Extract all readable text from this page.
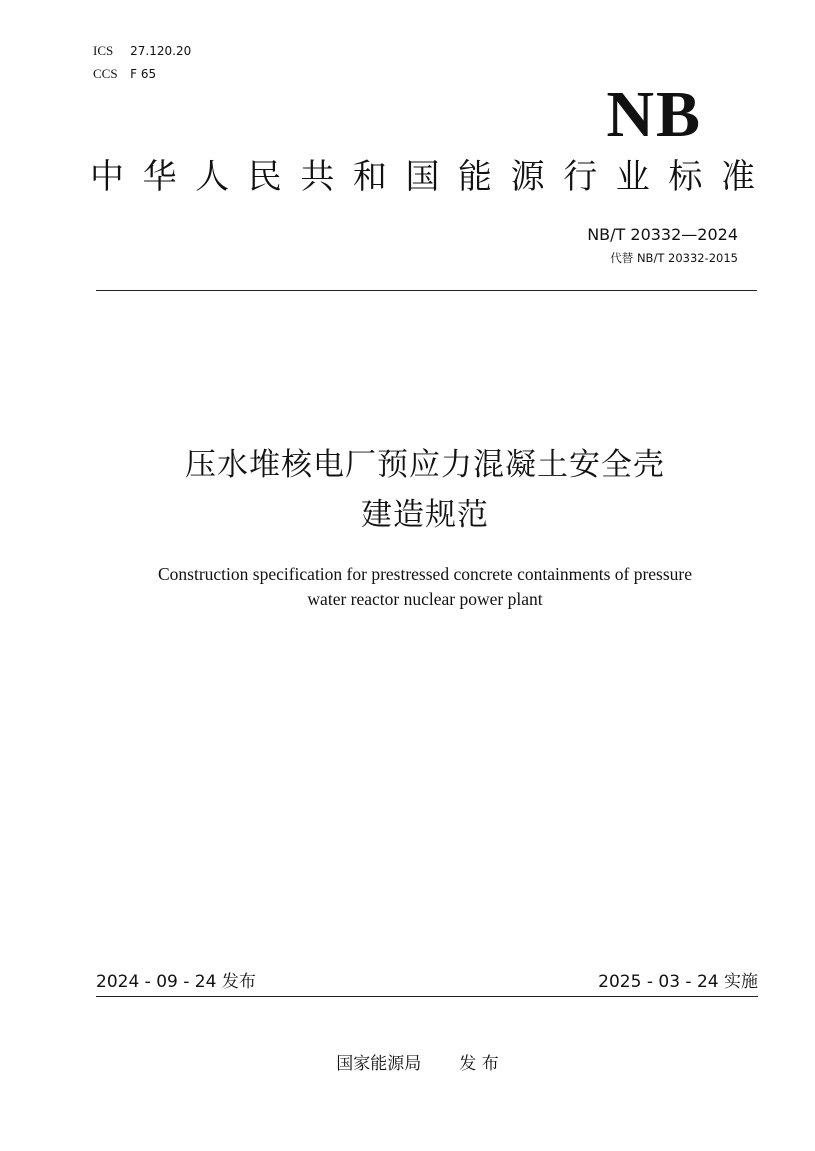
ICS 27.120.20
CCS F 65
NB
中 华 人 民 共 和 国 能 源 行 业 标 准
NB/T 20332—2024
代替 NB/T 20332-2015
压水堆核电厂预应力混凝土安全壳
建造规范
Construction specification for prestressed concrete containments of pressure
water reactor nuclear power plant
2024 - 09 - 24 发布	2025 - 03 - 24 实施
国家能源局 发 布
